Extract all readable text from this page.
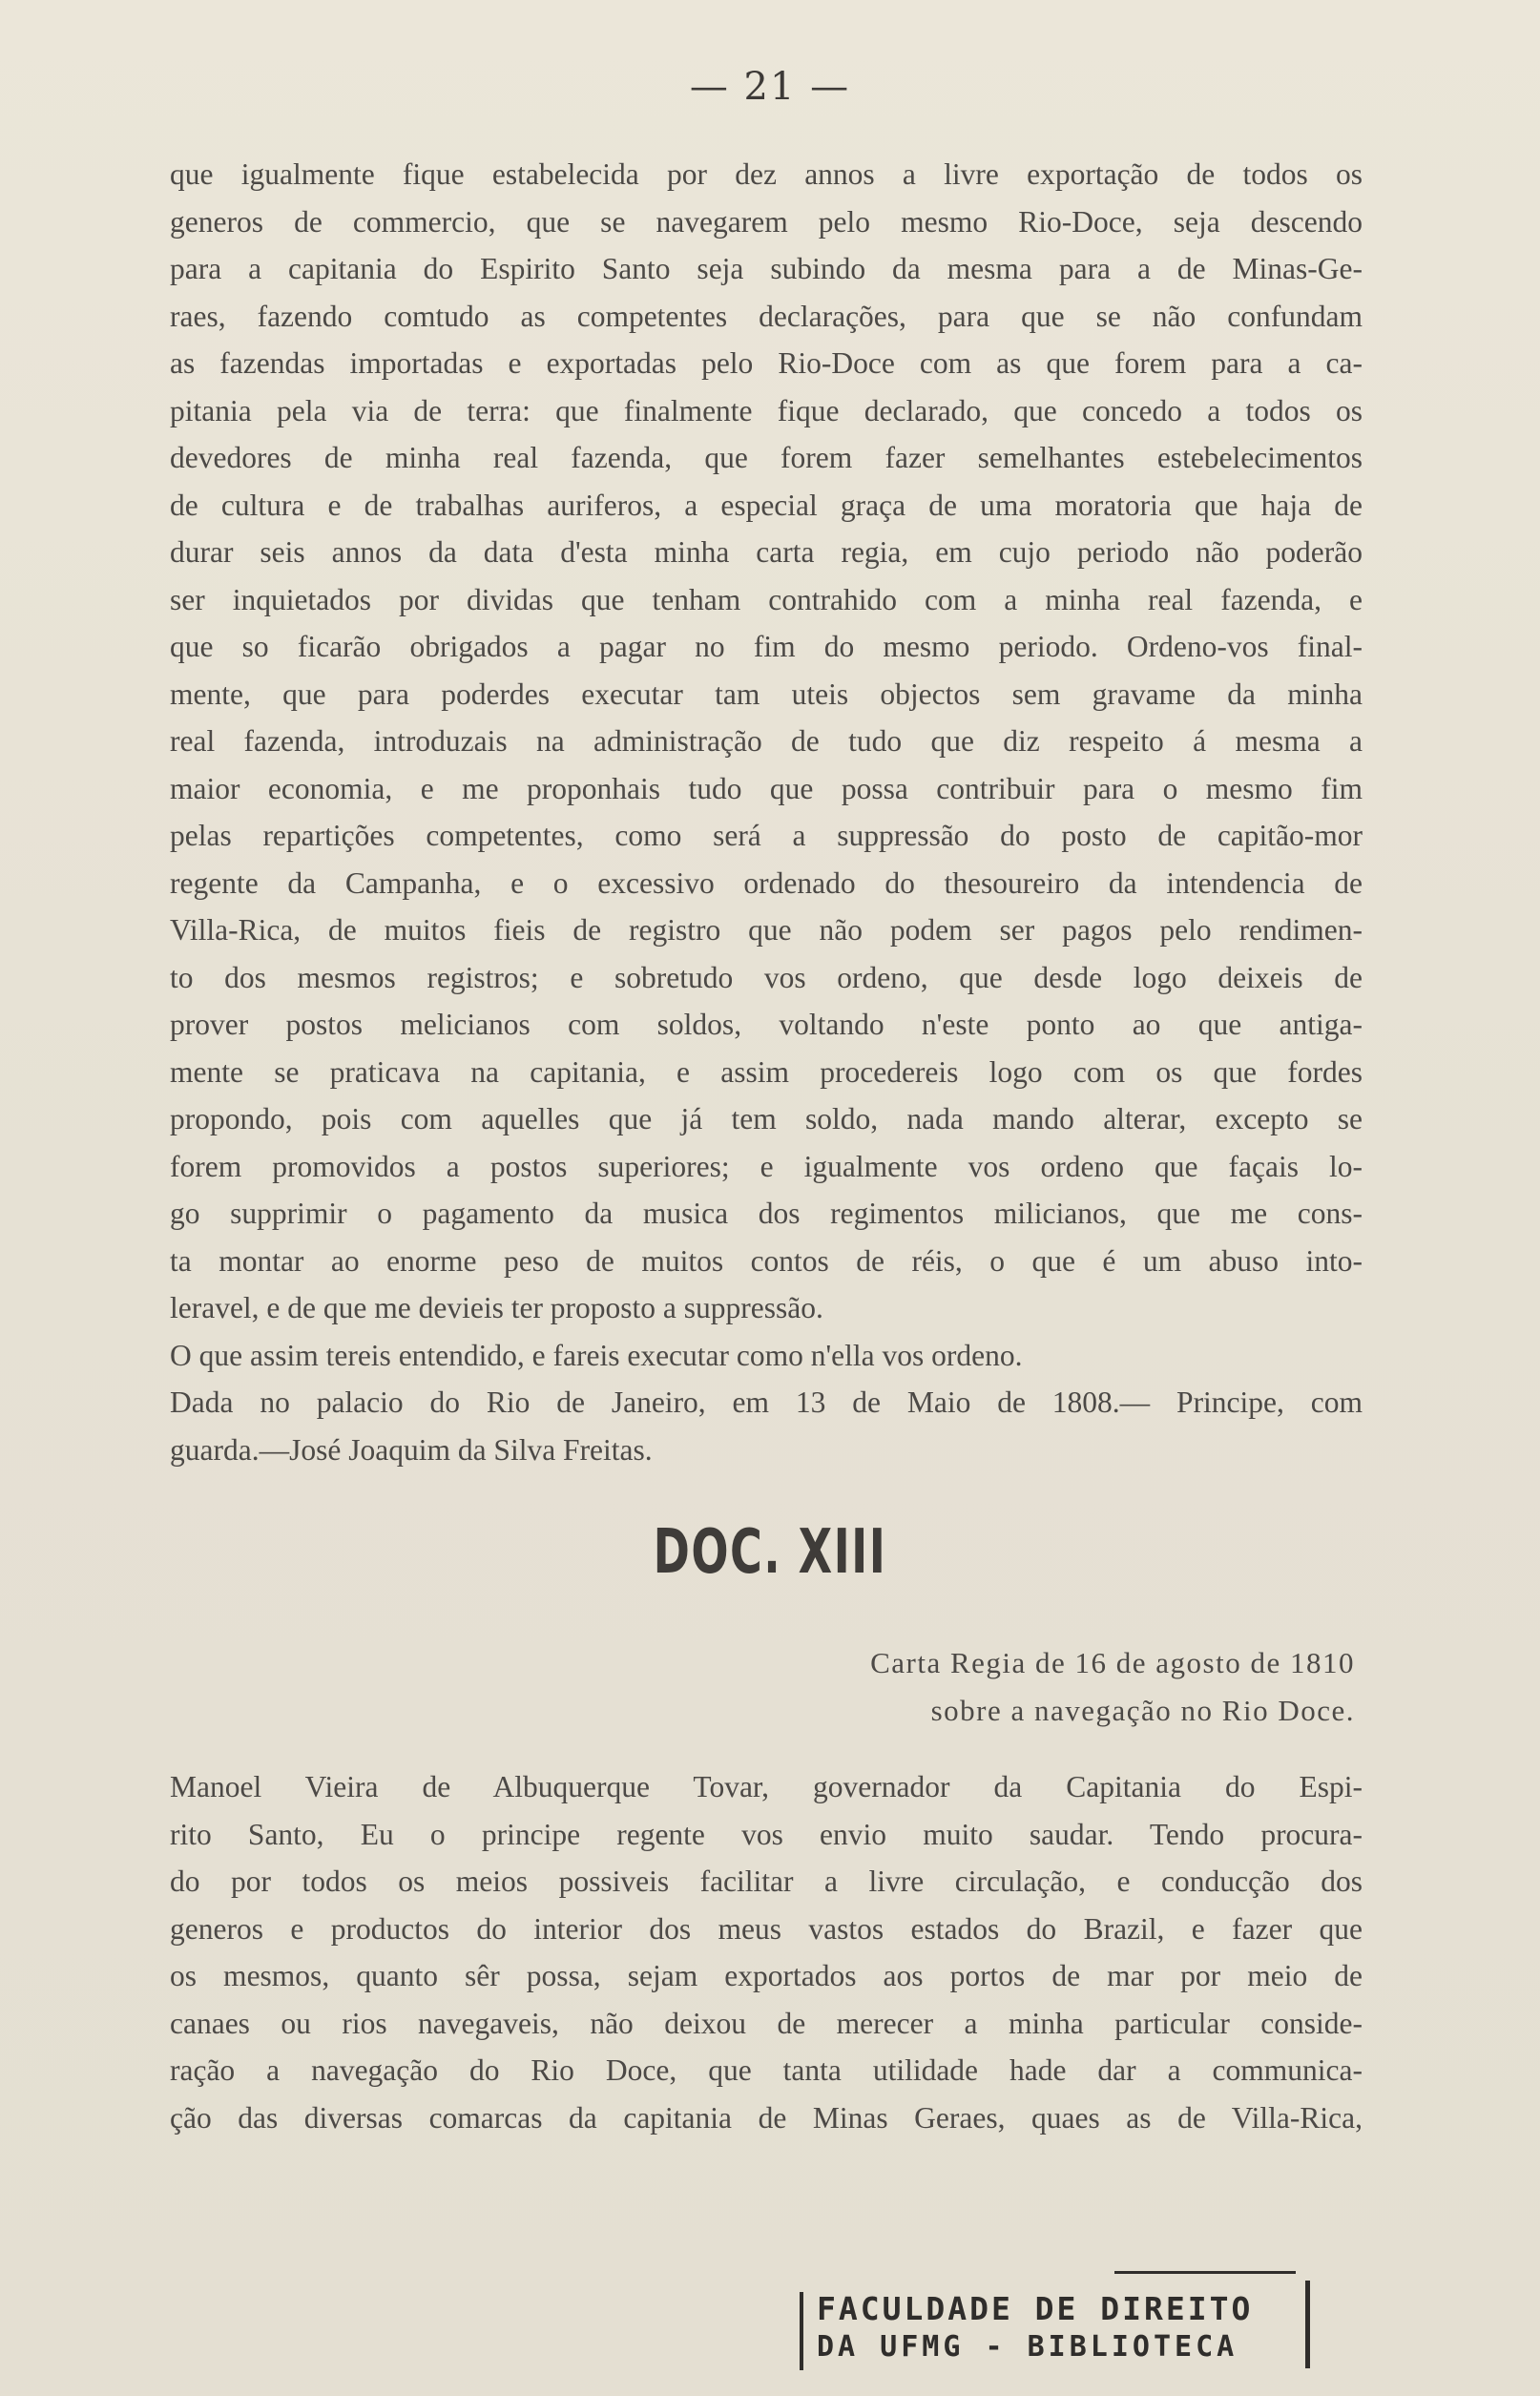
— 21 —
que igualmente fique estabelecida por dez annos a livre exportação de todos os
generos de commercio, que se navegarem pelo mesmo Rio-Doce, seja descendo
para a capitania do Espirito Santo seja subindo da mesma para a de Minas-Ge-
raes, fazendo comtudo as competentes declarações, para que se não confundam
as fazendas importadas e exportadas pelo Rio-Doce com as que forem para a ca-
pitania pela via de terra: que finalmente fique declarado, que concedo a todos os
devedores de minha real fazenda, que forem fazer semelhantes estebelecimentos
de cultura e de trabalhas auriferos, a especial graça de uma moratoria que haja de
durar seis annos da data d'esta minha carta regia, em cujo periodo não poderão
ser inquietados por dividas que tenham contrahido com a minha real fazenda, e
que so ficarão obrigados a pagar no fim do mesmo periodo. Ordeno-vos final-
mente, que para poderdes executar tam uteis objectos sem gravame da minha
real fazenda, introduzais na administração de tudo que diz respeito á mesma a
maior economia, e me proponhais tudo que possa contribuir para o mesmo fim
pelas repartições competentes, como será a suppressão do posto de capitão-mor
regente da Campanha, e o excessivo ordenado do thesoureiro da intendencia de
Villa-Rica, de muitos fieis de registro que não podem ser pagos pelo rendimen-
to dos mesmos registros; e sobretudo vos ordeno, que desde logo deixeis de
prover postos melicianos com soldos, voltando n'este ponto ao que antiga-
mente se praticava na capitania, e assim procedereis logo com os que fordes
propondo, pois com aquelles que já tem soldo, nada mando alterar, excepto se
forem promovidos a postos superiores; e igualmente vos ordeno que façais lo-
go supprimir o pagamento da musica dos regimentos milicianos, que me cons-
ta montar ao enorme peso de muitos contos de réis, o que é um abuso into-
leravel, e de que me devieis ter proposto a suppressão.
O que assim tereis entendido, e fareis executar como n'ella vos ordeno.
Dada no palacio do Rio de Janeiro, em 13 de Maio de 1808.— Principe, com
guarda.—José Joaquim da Silva Freitas.
DOC. XIII
Carta Regia de 16 de agosto de 1810
sobre a navegação no Rio Doce.
Manoel Vieira de Albuquerque Tovar, governador da Capitania do Espi-
rito Santo, Eu o principe regente vos envio muito saudar. Tendo procura-
do por todos os meios possiveis facilitar a livre circulação, e conducção dos
generos e productos do interior dos meus vastos estados do Brazil, e fazer que
os mesmos, quanto sêr possa, sejam exportados aos portos de mar por meio de
canaes ou rios navegaveis, não deixou de merecer a minha particular conside-
ração a navegação do Rio Doce, que tanta utilidade hade dar a communica-
ção das diversas comarcas da capitania de Minas Geraes, quaes as de Villa-Rica,
FACULDADE DE DIREITO
DA UFMG - BIBLIOTECA
